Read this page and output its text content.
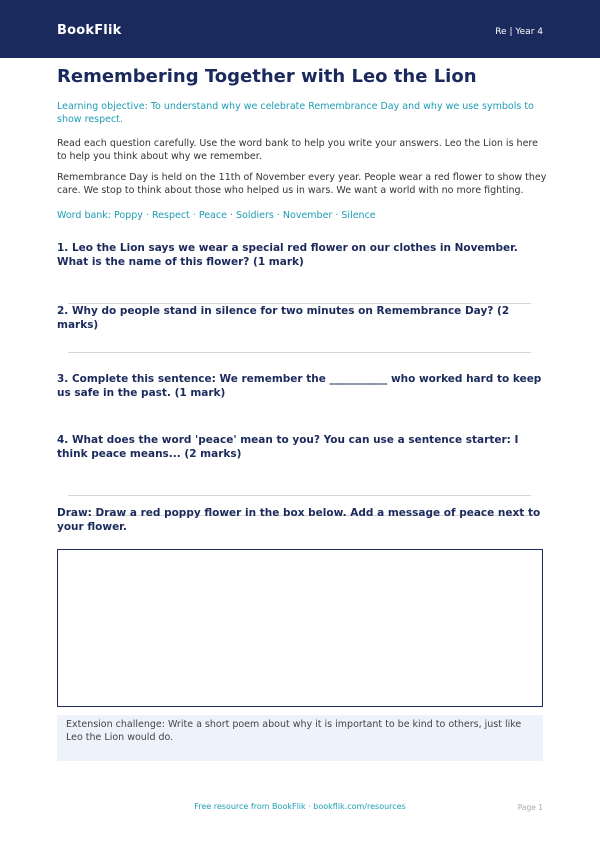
BookFlik	Re | Year 4
Remembering Together with Leo the Lion
Learning objective: To understand why we celebrate Remembrance Day and why we use symbols to show respect.
Read each question carefully. Use the word bank to help you write your answers. Leo the Lion is here to help you think about why we remember.
Remembrance Day is held on the 11th of November every year. People wear a red flower to show they care. We stop to think about those who helped us in wars. We want a world with no more fighting.
Word bank: Poppy · Respect · Peace · Soldiers · November · Silence
1. Leo the Lion says we wear a special red flower on our clothes in November. What is the name of this flower? (1 mark)
2. Why do people stand in silence for two minutes on Remembrance Day? (2 marks)
3. Complete this sentence: We remember the ___________ who worked hard to keep us safe in the past. (1 mark)
4. What does the word 'peace' mean to you? You can use a sentence starter: I think peace means... (2 marks)
Draw: Draw a red poppy flower in the box below. Add a message of peace next to your flower.
Extension challenge: Write a short poem about why it is important to be kind to others, just like Leo the Lion would do.
Free resource from BookFlik · bookflik.com/resources	Page 1
